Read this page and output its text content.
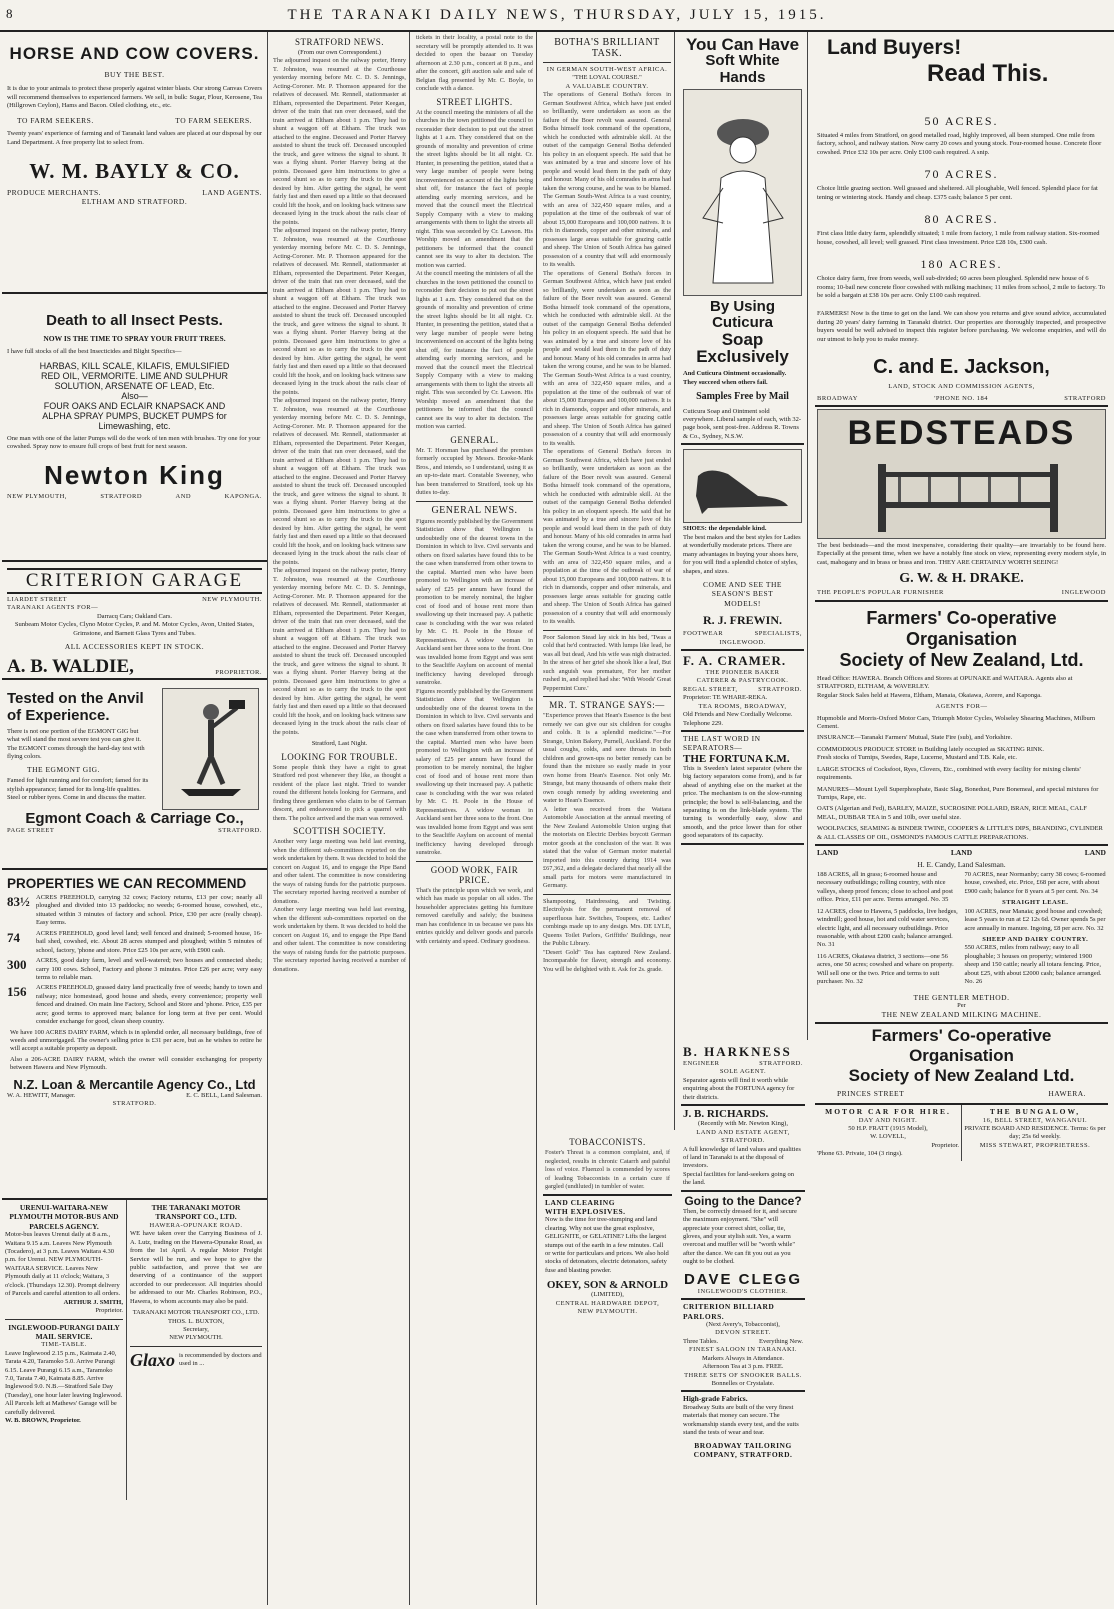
8	THE TARANAKI DAILY NEWS, THURSDAY, JULY 15, 1915.
HORSE AND COW COVERS.
BUY THE BEST.
It is due to your animals to protect these properly against winter blasts. Our strong Canvas Covers will recommend themselves to experienced farmers. We sell, in bulk: Sugar, Flour, Kerosene, Tea (Hillgrown Ceylon), Hams and Bacon. Oiled clothing, etc., etc.
TO FARM SEEKERS.	TO FARM SEEKERS.
Twenty years' experience of farming and of Taranaki land values are placed at our disposal by our Land Department. A free property list to select from.
W. M. BAYLY & CO.
PRODUCE MERCHANTS.	LAND AGENTS.
ELTHAM AND STRATFORD.
Death to all Insect Pests.
NOW IS THE TIME TO SPRAY YOUR FRUIT TREES.
I have full stocks of all the best Insecticides and Blight Specifics—
HARBAS, KILL SCALE, KILAFIS, EMULSIFIED
RED OIL, VERMORITE. LIME AND SULPHUR
SOLUTION, ARSENATE OF LEAD, Etc.
Also—
FOUR OAKS AND ECLAIR KNAPSACK AND
ALPHA SPRAY PUMPS, BUCKET PUMPS for
Limewashing, etc.
One man with one of the latter Pumps will do the work of ten men with brushes. Try one for your cowshed. Spray now to ensure full crops of best fruit for next season.
Newton King
NEW PLYMOUTH,	STRATFORD	AND	KAPONGA.
CRITERION GARAGE
LIARDET STREET	NEW PLYMOUTH.
TARANAKI AGENTS FOR—
Darracq Cars; Oakland Cars.
Sunbeam Motor Cycles, Clyno Motor Cycles, P. and M. Motor Cycles, Avon, United States, Grimstone, and Barnett Glass Tyres and Tubes.
ALL ACCESSORIES KEPT IN STOCK.
A. B. WALDIE,	PROPRIETOR.
Tested on the Anvil
of Experience.
There is not one portion of the EGMONT GIG but what will stand the most severe test you can give it. The EGMONT comes through the hard-day test with flying colors.
THE EGMONT GIG.
Famed for light running and for comfort; famed for its stylish appearance; famed for its long-life qualities. Steel or rubber tyres. Come in and discuss the matter.
Egmont Coach & Carriage Co.,
PAGE STREET	STRATFORD.
PROPERTIES WE CAN RECOMMEND
83½ ACRES FREEHOLD, carrying 32 cows; Factory returns, £13 per cow; nearly all ploughed and divided into 13 paddocks; no weeds; 6-roomed house, cowshed, etc., situated within 3 minutes of factory and school. Price, £30 per acre (really cheap). Easy terms.
74	ACRES FREEHOLD, good level land; well fenced and drained; 5-roomed house, 16-bail shed, cowshed, etc. About 28 acres stumped and ploughed; within 5 minutes of school, factory, 'phone and store. Price £25 10s per acre, with £900 cash.
300	ACRES, good dairy farm, level and well-watered; two houses and connected sheds; carry 100 cows. School, Factory and phone 3 minutes. Price £26 per acre; very easy terms to reliable man.
156	ACRES FREEHOLD, grassed dairy land practically free of weeds; handy to town and railway; nice homestead, good house and sheds, every convenience; property well fenced and drained. On main line Factory, School and Store and 'phone. Price, £35 per acre; good terms to approved man; balance for long term at five per cent. Would consider exchange for good, clean sheep country.
We have 100 ACRES DAIRY FARM, which is in splendid order, all necessary buildings, free of weeds and unmortgaged. The owner's selling price is £31 per acre, but as he wishes to retire he will accept a suitable property as deposit.
Also a 206-ACRE DAIRY FARM, which the owner will consider exchanging for property between Hawera and New Plymouth.
N.Z. Loan & Mercantile Agency Co., Ltd
W. A. HEWITT, Manager.	E. C. BELL, Land Salesman.
STRATFORD.
URENUI-WAITARA-NEW PLYMOUTH MOTOR-BUS AND PARCELS AGENCY.
Motor-bus leaves Urenui daily at 8 a.m., Waitara 9.15 a.m. Leaves New Plymouth (Tocadero), at 3 p.m. Leaves Waitara 4.30 p.m. for Urenui. NEW PLYMOUTH-WAITARA SERVICE. Leaves New Plymouth daily at 11 o'clock; Waitara, 3 o'clock. (Thursdays 12.30). Prompt delivery of Parcels and careful attention to all orders.
ARTHUR J. SMITH,
Proprietor.
INGLEWOOD-PURANGI DAILY MAIL SERVICE.
TIME-TABLE.
Leave Inglewood 2.15 p.m., Kaimata 2.40, Tarata 4.20, Taramoko 5.0. Arrive Purangi 6.15. Leave Purangi 6.15 a.m., Taramoko 7.0, Tarata 7.40, Kaimata 8.85. Arrive Inglewood 9.0. N.B.—Stratford Sale Day (Tuesday), one hour later leaving Inglewood. All Parcels left at Mathews' Garage will be carefully delivered.
W. B. BROWN, Proprietor.
THE TARANAKI MOTOR TRANSPORT CO., LTD.
HAWERA-OPUNAKE ROAD.
WE have taken over the Carrying Business of J. A. Lutz, trading on the Hawera-Opunake Road, as from the 1st April. A regular Motor Freight Service will be run, and we hope to give the public satisfaction, and prove that we are deserving of a continuance of the support accorded to our predecessor. All inquiries should be addressed to our Mr. Charles Robinson, P.O., Hawera, to whom accounts may also be paid.
TARANAKI MOTOR TRANSPORT CO., LTD.
THOS. L. BUXTON,
Secretary,
NEW PLYMOUTH.
Glaxo is recommended by doctors and used in ...
STRATFORD NEWS.
(From our own Correspondent.)
The adjourned inquest on the railway porter, Henry T. Johnston, was resumed at the Courthouse yesterday morning before Mr. C. D. S. Jennings, Acting-Coroner. Mr. P. Thomson appeared for the relatives of deceased. Mr. Rennell, stationmaster at Eltham, represented the Department. Peter Keegan, driver of the train that ran over deceased, said the train arrived at Eltham about 1 p.m. They had to shunt a waggon off at Eltham. The truck was attached to the engine. Deceased and Porter Harvey assisted to shunt the truck off. Deceased uncoupled the truck, and gave witness the signal to shunt. It was a flying shunt. Porter Harvey being at the points. Deceased gave him instructions to give a second shunt so as to carry the truck to the spot desired by him. After getting the signal, he went fairly fast and then eased up a little so that deceased could lift the hook, and on looking back witness saw deceased lying in the truck about the rails clear of the points.
The adjourned inquest on the railway porter, Henry T. Johnston, was resumed at the Courthouse yesterday morning before Mr. C. D. S. Jennings, Acting-Coroner. Mr. P. Thomson appeared for the relatives of deceased. Mr. Rennell, stationmaster at Eltham, represented the Department. Peter Keegan, driver of the train that ran over deceased, said the train arrived at Eltham about 1 p.m. They had to shunt a waggon off at Eltham. The truck was attached to the engine. Deceased and Porter Harvey assisted to shunt the truck off. Deceased uncoupled the truck, and gave witness the signal to shunt. It was a flying shunt. Porter Harvey being at the points. Deceased gave him instructions to give a second shunt so as to carry the truck to the spot desired by him. After getting the signal, he went fairly fast and then eased up a little so that deceased could lift the hook, and on looking back witness saw deceased lying in the truck about the rails clear of the points.
The adjourned inquest on the railway porter, Henry T. Johnston, was resumed at the Courthouse yesterday morning before Mr. C. D. S. Jennings, Acting-Coroner. Mr. P. Thomson appeared for the relatives of deceased. Mr. Rennell, stationmaster at Eltham, represented the Department. Peter Keegan, driver of the train that ran over deceased, said the train arrived at Eltham about 1 p.m. They had to shunt a waggon off at Eltham. The truck was attached to the engine. Deceased and Porter Harvey assisted to shunt the truck off. Deceased uncoupled the truck, and gave witness the signal to shunt. It was a flying shunt. Porter Harvey being at the points. Deceased gave him instructions to give a second shunt so as to carry the truck to the spot desired by him. After getting the signal, he went fairly fast and then eased up a little so that deceased could lift the hook, and on looking back witness saw deceased lying in the truck about the rails clear of the points.
The adjourned inquest on the railway porter, Henry T. Johnston, was resumed at the Courthouse yesterday morning before Mr. C. D. S. Jennings, Acting-Coroner. Mr. P. Thomson appeared for the relatives of deceased. Mr. Rennell, stationmaster at Eltham, represented the Department. Peter Keegan, driver of the train that ran over deceased, said the train arrived at Eltham about 1 p.m. They had to shunt a waggon off at Eltham. The truck was attached to the engine. Deceased and Porter Harvey assisted to shunt the truck off. Deceased uncoupled the truck, and gave witness the signal to shunt. It was a flying shunt. Porter Harvey being at the points. Deceased gave him instructions to give a second shunt so as to carry the truck to the spot desired by him. After getting the signal, he went fairly fast and then eased up a little so that deceased could lift the hook, and on looking back witness saw deceased lying in the truck about the rails clear of the points.
Stratford, Last Night.
LOOKING FOR TROUBLE.
Some people think they have a right to great Stratford red post whenever they like, as thought a resident of the place last night. Tried to wander round the different hotels looking for Germans, and finding three gentlemen who claim to be of German descent, and endeavoured to pick a quarrel with them. The police arrived and the man was removed.
SCOTTISH SOCIETY.
Another very large meeting was held last evening, when the different sub-committees reported on the work undertaken by them. It was decided to hold the concert on August 16, and to engage the Pipe Band and other talent. The committee is now considering the ways of raising funds for the patriotic purposes. The secretary reported having received a number of donations.
Another very large meeting was held last evening, when the different sub-committees reported on the work undertaken by them. It was decided to hold the concert on August 16, and to engage the Pipe Band and other talent. The committee is now considering the ways of raising funds for the patriotic purposes. The secretary reported having received a number of donations.
tickets in their locality, a postal note to the secretary will be promptly attended to. It was decided to open the bazaar on Tuesday afternoon at 2.30 p.m., concert at 8 p.m., and after the concert, gift auction sale and sale of Belgian flag presented by Mr. C. Boyle, to conclude with a dance.
STREET LIGHTS.
At the council meeting the ministers of all the churches in the town petitioned the council to reconsider their decision to put out the street lights at 1 a.m. They considered that on the grounds of morality and prevention of crime the street lights should be lit all night. Cr. Hunter, in presenting the petition, stated that a very large number of people were being inconvenienced on account of the lights being shut off, for instance the fact of people attending early morning services, and he moved that the council meet the Electrical Supply Company with a view to making arrangements with them to light the streets all night. This was seconded by Cr. Lawson. His Worship moved an amendment that the petitioners be informed that the council cannot see its way to alter its decision. The motion was carried.
At the council meeting the ministers of all the churches in the town petitioned the council to reconsider their decision to put out the street lights at 1 a.m. They considered that on the grounds of morality and prevention of crime the street lights should be lit all night. Cr. Hunter, in presenting the petition, stated that a very large number of people were being inconvenienced on account of the lights being shut off, for instance the fact of people attending early morning services, and he moved that the council meet the Electrical Supply Company with a view to making arrangements with them to light the streets all night. This was seconded by Cr. Lawson. His Worship moved an amendment that the petitioners be informed that the council cannot see its way to alter its decision. The motion was carried.
GENERAL.
Mr. T. Horsman has purchased the premises formerly occupied by Messrs. Brooke-Mank Bros., and intends, so I understand, using it as an up-to-date mart. Constable Sweeney, who has been transferred to Stratford, took up his duties to-day.
GENERAL NEWS.
Figures recently published by the Government Statistician show that Wellington is undoubtedly one of the dearest towns in the Dominion in which to live. Civil servants and others on fixed salaries have found this to be the case when transferred from other towns to the capital. Married men who have been promoted to Wellington with an increase of salary of £25 per annum have found the promotion to be merely nominal, the higher cost of food and of house rent more than swallowing up their increased pay. A pathetic case is concluding with the war was related by Mr. C. H. Poole in the House of Representatives. A widow woman in Auckland sent her three sons to the front. One was invalided home from Egypt and was sent to the Seacliffe Asylum on account of mental inefficiency having developed through sunstroke.
Figures recently published by the Government Statistician show that Wellington is undoubtedly one of the dearest towns in the Dominion in which to live. Civil servants and others on fixed salaries have found this to be the case when transferred from other towns to the capital. Married men who have been promoted to Wellington with an increase of salary of £25 per annum have found the promotion to be merely nominal, the higher cost of food and of house rent more than swallowing up their increased pay. A pathetic case is concluding with the war was related by Mr. C. H. Poole in the House of Representatives. A widow woman in Auckland sent her three sons to the front. One was invalided home from Egypt and was sent to the Seacliffe Asylum on account of mental inefficiency having developed through sunstroke.
GOOD WORK, FAIR PRICE.
That's the principle upon which we work, and which has made us popular on all sides. The householder appreciates getting his furniture removed carefully and safely; the business man has confidence in us because we pass his entries quickly and deliver goods and parcels with certainty and speed. Ordinary goodness.
BOTHA'S BRILLIANT TASK.
IN GERMAN SOUTH-WEST AFRICA.
"THE LOYAL COURSE."
A VALUABLE COUNTRY.
The operations of General Botha's forces in German Southwest Africa, which have just ended so brilliantly, were undertaken as soon as the failure of the Boer revolt was assured. General Botha himself took command of the operations, which he conducted with admirable skill. At the outset of the campaign General Botha defended his policy in an eloquent speech. He said that he was animated by a true and sincere love of his people and would lead them in the path of duty and honour. Many of his old comrades in arms had taken the wrong course, and he was to be blamed. The German South-West Africa is a vast country, with an area of 322,450 square miles, and a population at the time of the outbreak of war of about 15,000 Europeans and 100,000 natives. It is rich in diamonds, copper and other minerals, and possesses large areas suitable for grazing cattle and sheep. The Union of South Africa has gained possession of a country that will add enormously to its wealth.
The operations of General Botha's forces in German Southwest Africa, which have just ended so brilliantly, were undertaken as soon as the failure of the Boer revolt was assured. General Botha himself took command of the operations, which he conducted with admirable skill. At the outset of the campaign General Botha defended his policy in an eloquent speech. He said that he was animated by a true and sincere love of his people and would lead them in the path of duty and honour. Many of his old comrades in arms had taken the wrong course, and he was to be blamed. The German South-West Africa is a vast country, with an area of 322,450 square miles, and a population at the time of the outbreak of war of about 15,000 Europeans and 100,000 natives. It is rich in diamonds, copper and other minerals, and possesses large areas suitable for grazing cattle and sheep. The Union of South Africa has gained possession of a country that will add enormously to its wealth.
The operations of General Botha's forces in German Southwest Africa, which have just ended so brilliantly, were undertaken as soon as the failure of the Boer revolt was assured. General Botha himself took command of the operations, which he conducted with admirable skill. At the outset of the campaign General Botha defended his policy in an eloquent speech. He said that he was animated by a true and sincere love of his people and would lead them in the path of duty and honour. Many of his old comrades in arms had taken the wrong course, and he was to be blamed. The German South-West Africa is a vast country, with an area of 322,450 square miles, and a population at the time of the outbreak of war of about 15,000 Europeans and 100,000 natives. It is rich in diamonds, copper and other minerals, and possesses large areas suitable for grazing cattle and sheep. The Union of South Africa has gained possession of a country that will add enormously to its wealth.
Poor Salomon Stead lay sick in his bed, 'Twas a cold that he'd contracted. With lumps like lead, he was all but dead, And his wife was nigh distracted. In the stress of her grief she shook like a leaf, But such anguish was premature, For her mother rushed in, and replied had she: 'With Woods' Great Peppermint Cure.'
MR. T. STRANGE SAYS:—
"Experience proves that Hean's Essence is the best remedy we can give our six children for coughs and colds. It is a splendid medicine."—For Strange, Union Bakery, Purnell, Auckland. For the usual coughs, colds, and sore throats in both children and grown-ups no better remedy can be found than the mixture so easily made in your own home from Hean's Essence. Not only Mr. Strange, but many thousands of others make their own cough remedy by adding sweetening and water to Hean's Essence.
A letter was received from the Waitara Automobile Association at the annual meeting of the New Zealand Automobile Union urging that the motorists on Electric Derbies boycott German motor goods at the conclusion of the war. It was stated that the value of German motor material imported into this country during 1914 was £67,362, and a delegate declared that nearly all the small parts for motors were manufactured in Germany.
Shampooing, Hairdressing, and Twisting. Electrolysis for the permanent removal of superfluous hair. Switches, Toupees, etc. Ladies' combings made up to any design. Mrs. DE LYLE, Queens Toilet Parlors, Griffiths' Buildings, near the Public Library.
"Desert Gold" Tea has captured New Zealand. Incomparable for flavor, strength and economy. You will be delighted with it. Ask for 2s. grade.
You Can Have
Soft White Hands
By Using Cuticura
Soap Exclusively
And Cuticura Ointment occasionally.
They succeed when others fail.
Samples Free by Mail
Cuticura Soap and Ointment sold everywhere. Liberal sample of each, with 32-page book, sent post-free. Address R. Towns & Co., Sydney, N.S.W.
SHOES: the dependable kind.
The best makes and the best styles for Ladies at wonderfully moderate prices. There are many advantages in buying your shoes here, for you will find a splendid choice of styles, shapes, and sizes.
COME AND SEE THE
SEASON'S BEST
MODELS!
R. J. FREWIN.
FOOTWEAR	SPECIALISTS,
INGLEWOOD.
F. A. CRAMER.
THE PIONEER BAKER
CATERER & PASTRYCOOK.
REGAL STREET,	STRATFORD.
Proprietor: TE WHARE-REKA.
TEA ROOMS, BROADWAY,
Old Friends and New Cordially Welcome.
Telephone 229.
THE LAST WORD IN
SEPARATORS—
THE FORTUNA K.M.
This is Sweden's latest separator (where the big factory separators come from), and is far ahead of anything else on the market at the price. The mechanism is on the slow-running principle; the bowl is self-balancing, and the separating is on the link-blade system. The turning is wonderfully easy, slow and smooth, and the price lower than for other good separators of its capacity.
B. HARKNESS
ENGINEER	STRATFORD.
SOLE AGENT.
Separator agents will find it worth while enquiring about the FORTUNA agency for their districts.
J. B. RICHARDS.
(Recently with Mr. Newton King),
LAND AND ESTATE AGENT,
STRATFORD.
A full knowledge of land values and qualities of land in Taranaki is at the disposal of investors.
Special facilities for land-seekers going on the land.
Going to the Dance?
Then, be correctly dressed for it, and secure the maximum enjoyment. "She" will appreciate your correct shirt, collar, tie, gloves, and your stylish suit. Yes, a warm overcoat and muffler will be "worth while" after the dance. We can fit you out as you ought to be clothed.
DAVE CLEGG
INGLEWOOD'S CLOTHIER.
CRITERION BILLIARD PARLORS.
(Next Avery's, Tobacconist),
DEVON STREET.
Three Tables.	Everything New.
FINEST SALOON IN TARANAKI.
Markers Always in Attendance.
Afternoon Tea at 3 p.m. FREE.
THREE SETS OF SNOOKER BALLS.
Bonnelles or Crystalate.
High-grade Fabrics.
Broadway Suits are built of the very finest materials that money can secure. The workmanship stands every test, and the suits stand the tests of wear and tear.
BROADWAY TAILORING
COMPANY, STRATFORD.
TOBACCONISTS.
Foster's Threat is a common complaint, and, if neglected, results in chronic Catarrh and painful loss of voice. Fluenzol is commended by scores of leading Tobacconists in a certain cure if gargled (undiluted) in tumbler of water.
LAND CLEARING
WITH EXPLOSIVES.
Now is the time for tree-stumping and land clearing. Why not use the great explosive, GELIGNITE, or GELATINE? Lifts the largest stumps out of the earth in a few minutes. Call or write for particulars and prices. We also hold stocks of detonators, electric detonators, safety fuse and blasting powder.
OKEY, SON & ARNOLD
(LIMITED),
CENTRAL HARDWARE DEPOT,
NEW PLYMOUTH.
Land Buyers!
Read This.
50 ACRES.
Situated 4 miles from Stratford, on good metalled road, highly improved, all been stumped. One mile from factory, school, and railway station. Now carry 20 cows and young stock. Four-roomed house. Concrete floor cowshed. Price £32 10s per acre. Only £100 cash required. A snip.
70 ACRES.
Choice little grazing section. Well grassed and sheltered. All ploughable, Well fenced. Splendid place for fat tening or wintering stock. Handy and cheap. £375 cash; balance 5 per cent.
80 ACRES.
First class little dairy farm, splendidly situated; 1 mile from factory, 1 mile from railway station. Six-roomed house, cowshed, all level; well grassed. First class investment. Price £28 10s, £300 cash.
180 ACRES.
Choice dairy farm, free from weeds, well sub-divided; 60 acres been ploughed. Splendid new house of 6 rooms; 10-bail new concrete floor cowshed with milking machines; 11 miles from school, 2 mile to factory. To be sold a bargain at £38 10s per acre. Only £100 cash required.
FARMERS! Now is the time to get on the land. We can show you returns and give sound advice, accumulated during 20 years' dairy farming in Taranaki district. Our properties are thoroughly inspected, and prospective buyers would be well advised to inspect this register before purchasing. We welcome enquiries, and will do our utmost to help you to make money.
C. and E. Jackson,
LAND, STOCK AND COMMISSION AGENTS,
BROADWAY	'PHONE NO. 184	STRATFORD
BEDSTEADS
The best bedsteads—and the most inexpensive, considering their quality—are invariably to be found here. Especially at the present time, when we have a notably fine stock on view, representing every modern style, in cast, mahogany and in brass or brass and iron. THEY ARE CERTAINLY WORTH SEEING!
G. W. & H. DRAKE.
THE PEOPLE'S POPULAR FURNISHER	INGLEWOOD
Farmers' Co-operative Organisation
Society of New Zealand, Ltd.
Head Office: HAWERA. Branch Offices and Stores at OPUNAKE and WAITARA. Agents also at STRATFORD, ELTHAM, & WAVERLEY.
Regular Stock Sales held at Hawera, Eltham, Manaia, Okaiawa, Aorere, and Kaponga.
AGENTS FOR—
Hupmobile and Morris-Oxford Motor Cars, Triumph Motor Cycles, Wolseley Shearing Machines, Milburn Cement.
INSURANCE—Taranaki Farmers' Mutual, State Fire (sub), and Yorkshire.
COMMODIOUS PRODUCE STORE in Building lately occupied as SKATING RINK.
Fresh stocks of Turnips, Swedes, Rape, Lucerne, Mustard and T.B. Kale, etc.
LARGE STOCKS of Cocksfoot, Ryes, Clovers, Etc., combined with every facility for mixing clients' requirements.
MANURES—Mount Lyell Superphosphate, Basic Slag, Bonedust, Pure Bonemeal, and special mixtures for Turnips, Rape, etc.
OATS (Algerian and Fed), BARLEY, MAIZE, SUCROSINE POLLARD, BRAN, RICE MEAL, CALF MEAL, DUBBAR TEA in 5 and 10lb, over useful size.
WOOLPACKS, SEAMING & BINDER TWINE, COOPER'S & LITTLE'S DIPS, BRANDING, CYLINDER & ALL CLASSES OF OIL, OSMOND'S FAMOUS CATTLE PREPARATIONS.
LAND	LAND	LAND
H. E. Candy, Land Salesman.
188 ACRES, all in grass; 6-roomed house and necessary outbuildings; rolling country, with nice valleys, sheep proof fences; close to school and post office. Price, £11 per acre. Terms arranged. No. 35
12 ACRES, close to Hawera, 5 paddocks, live hedges, windmill; good house, hot and cold water services, electric light, and all necessary outbuildings. Price reasonable, with about £200 cash; balance arranged. No. 31
116 ACRES, Okaiawa district, 3 sections—one 56 acres, one 50 acres; cowshed and whare on property. Will sell one or the two. Price and terms to suit purchaser. No. 32
70 ACRES, near Normanby; carry 38 cows; 6-roomed house, cowshed, etc. Price, £68 per acre, with about £900 cash; balance for 8 years at 5 per cent. No. 34
STRAIGHT LEASE.
100 ACRES, near Manaia; good house and cowshed; lease 5 years to run at £2 12s 6d. Owner spends 5s per acre annually in manure. Ingoing, £8 per acre. No. 32
SHEEP AND DAIRY COUNTRY.
550 ACRES, miles from railway; easy to all ploughable; 3 houses on property; wintered 1900 sheep and 150 cattle; nearly all totara fencing. Price, about £25, with about £2000 cash; balance arranged. No. 26
THE GENTLER METHOD.
Per
THE NEW ZEALAND MILKING MACHINE.
Farmers' Co-operative Organisation
Society of New Zealand Ltd.
PRINCES STREET	HAWERA.
MOTOR CAR FOR HIRE.
DAY AND NIGHT.
50 H.P. FRATT (1915 Model),
W. LOVELL,
Proprietor.
'Phone 63. Private, 104 (3 rings).
THE BUNGALOW,
16, BELL STREET, WANGANUI.
PRIVATE BOARD AND RESIDENCE. Terms: 6s per day; 25s 6d weekly.
MISS STEWART, PROPRIETRESS.
